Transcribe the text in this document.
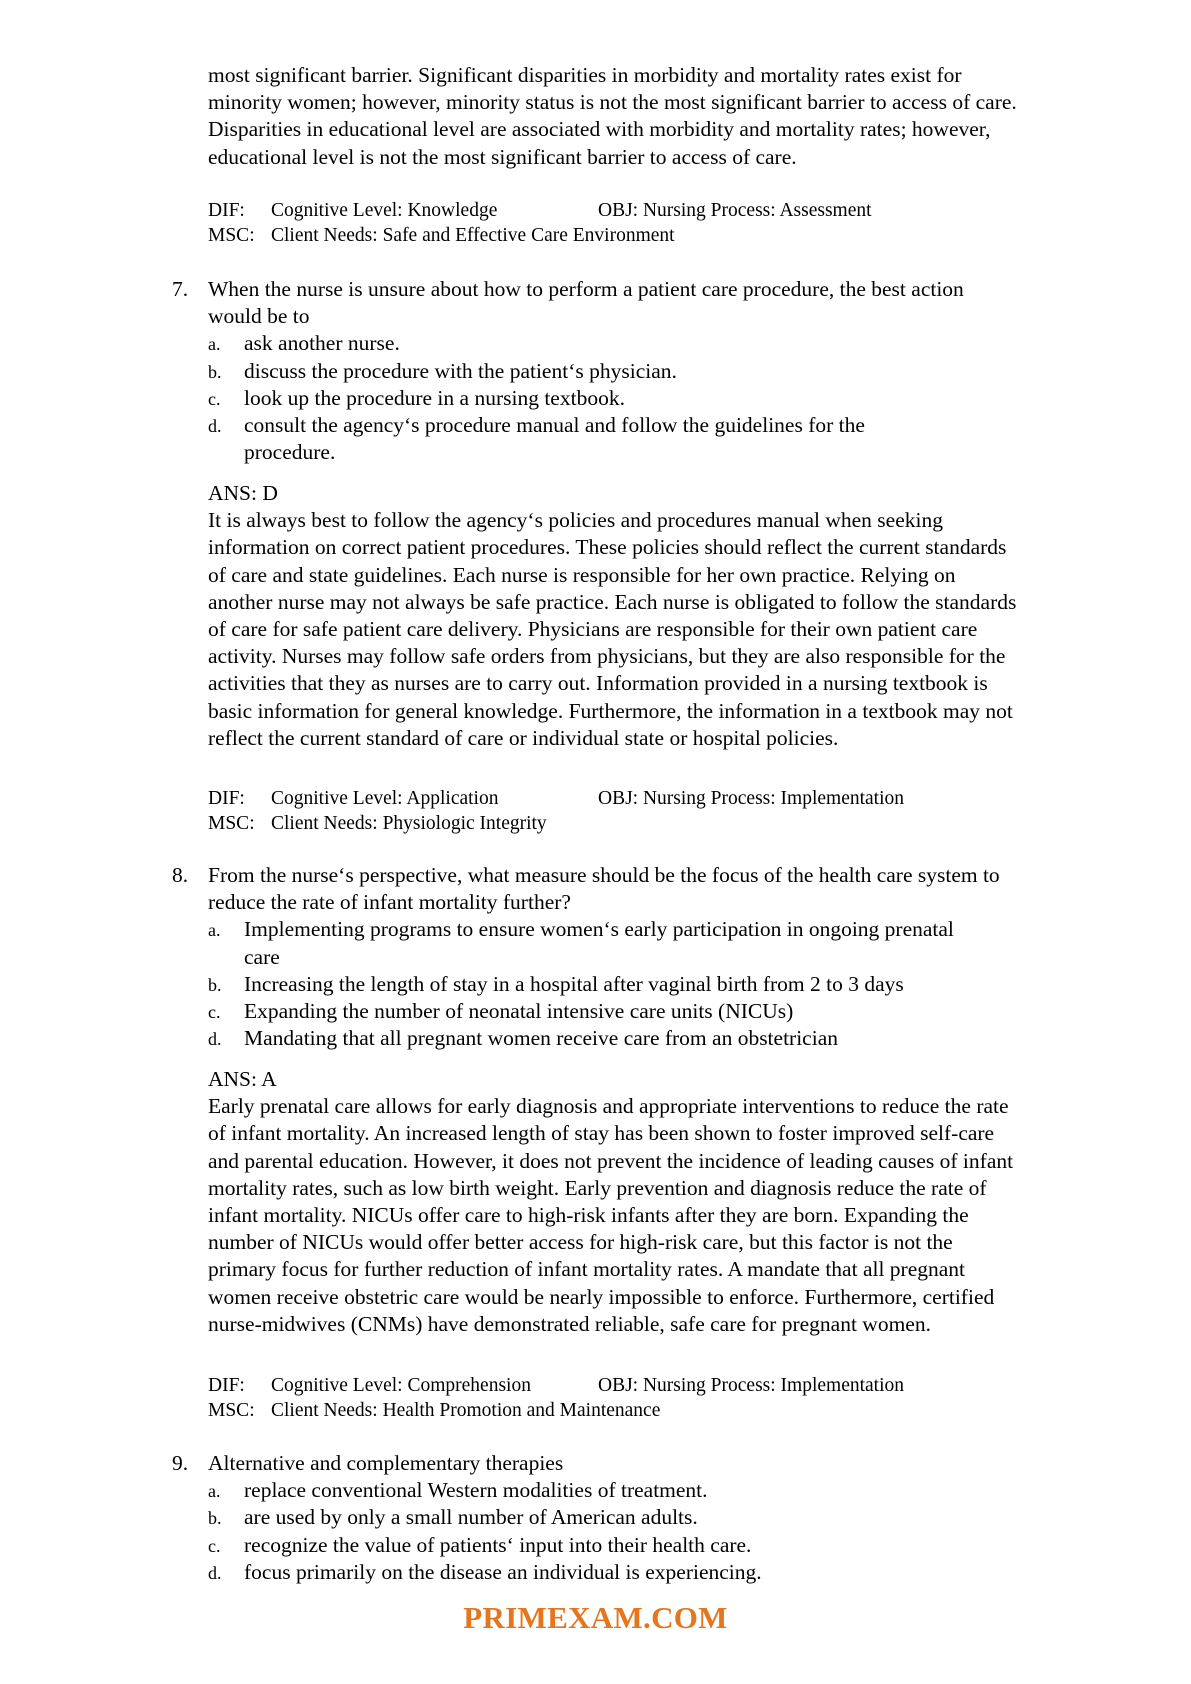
most significant barrier. Significant disparities in morbidity and mortality rates exist for
minority women; however, minority status is not the most significant barrier to access of care.
Disparities in educational level are associated with morbidity and mortality rates; however,
educational level is not the most significant barrier to access of care.
DIF: Cognitive Level: Knowledge	OBJ: Nursing Process: Assessment
MSC: Client Needs: Safe and Effective Care Environment
7. When the nurse is unsure about how to perform a patient care procedure, the best action
would be to
a. ask another nurse.
b. discuss the procedure with the patient‘s physician.
c. look up the procedure in a nursing textbook.
d. consult the agency‘s procedure manual and follow the guidelines for the
procedure.
ANS: D
It is always best to follow the agency‘s policies and procedures manual when seeking
information on correct patient procedures. These policies should reflect the current standards
of care and state guidelines. Each nurse is responsible for her own practice. Relying on
another nurse may not always be safe practice. Each nurse is obligated to follow the standards
of care for safe patient care delivery. Physicians are responsible for their own patient care
activity. Nurses may follow safe orders from physicians, but they are also responsible for the
activities that they as nurses are to carry out. Information provided in a nursing textbook is
basic information for general knowledge. Furthermore, the information in a textbook may not
reflect the current standard of care or individual state or hospital policies.
DIF: Cognitive Level: Application	OBJ: Nursing Process: Implementation
MSC: Client Needs: Physiologic Integrity
8. From the nurse‘s perspective, what measure should be the focus of the health care system to
reduce the rate of infant mortality further?
a. Implementing programs to ensure women‘s early participation in ongoing prenatal
care
b. Increasing the length of stay in a hospital after vaginal birth from 2 to 3 days
c. Expanding the number of neonatal intensive care units (NICUs)
d. Mandating that all pregnant women receive care from an obstetrician
ANS: A
Early prenatal care allows for early diagnosis and appropriate interventions to reduce the rate
of infant mortality. An increased length of stay has been shown to foster improved self-care
and parental education. However, it does not prevent the incidence of leading causes of infant
mortality rates, such as low birth weight. Early prevention and diagnosis reduce the rate of
infant mortality. NICUs offer care to high-risk infants after they are born. Expanding the
number of NICUs would offer better access for high-risk care, but this factor is not the
primary focus for further reduction of infant mortality rates. A mandate that all pregnant
women receive obstetric care would be nearly impossible to enforce. Furthermore, certified
nurse-midwives (CNMs) have demonstrated reliable, safe care for pregnant women.
DIF: Cognitive Level: Comprehension	OBJ: Nursing Process: Implementation
MSC: Client Needs: Health Promotion and Maintenance
9. Alternative and complementary therapies
a. replace conventional Western modalities of treatment.
b. are used by only a small number of American adults.
c. recognize the value of patients‘ input into their health care.
d. focus primarily on the disease an individual is experiencing.
PRIMEXAM.COM
